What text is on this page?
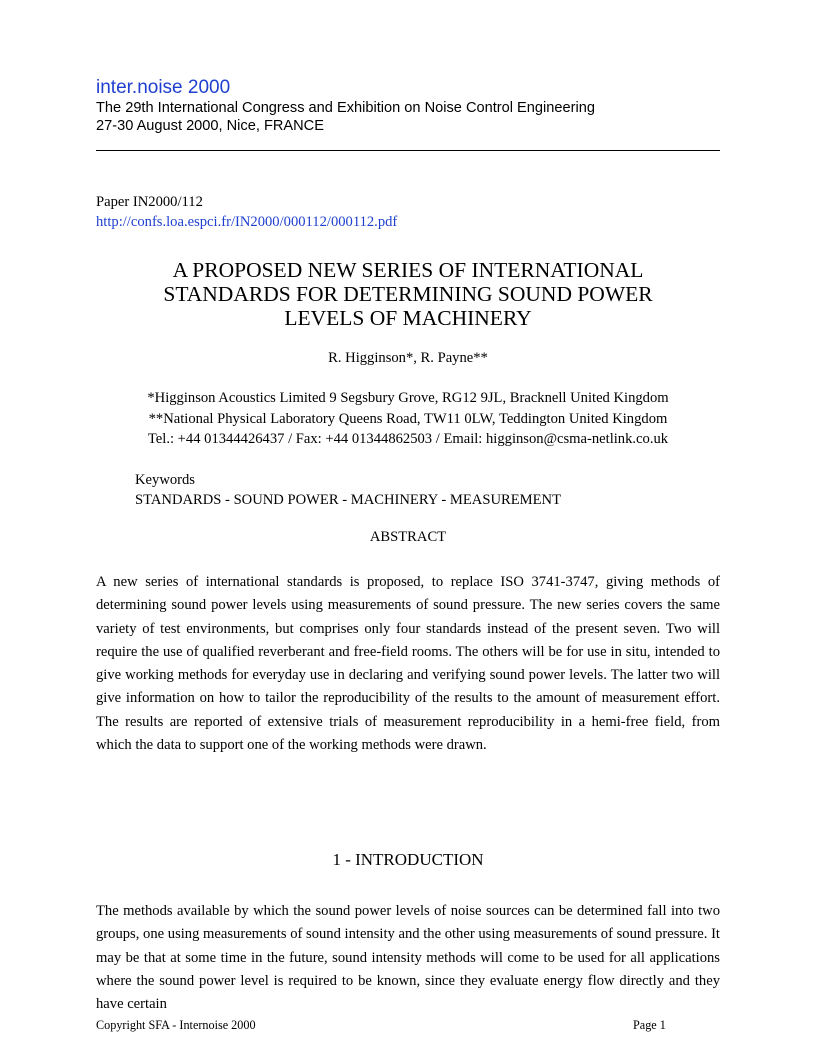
inter.noise 2000

The 29th International Congress and Exhibition on Noise Control Engineering

27-30 August 2000, Nice, FRANCE

Paper IN2000/112
http://confs.loa.espci.fr/IN2000/000112/000112.pdf
A PROPOSED NEW SERIES OF INTERNATIONAL
STANDARDS FOR DETERMINING SOUND POWER
LEVELS OF MACHINERY
R. Higginson*, R. Payne**
*Higginson Acoustics Limited 9 Segsbury Grove, RG12 9JL, Bracknell United Kingdom
**National Physical Laboratory Queens Road, TW11 0LW, Teddington United Kingdom
Tel.: +44 01344426437 / Fax: +44 01344862503 / Email: higginson@csma-netlink.co.uk
Keywords
STANDARDS - SOUND POWER - MACHINERY - MEASUREMENT
ABSTRACT

A new series of international standards is proposed, to replace ISO 3741-3747, giving methods of determining sound power levels using measurements of sound pressure. The new series covers the same variety of test environments, but comprises only four standards instead of the present seven. Two will require the use of qualified reverberant and free-field rooms. The others will be for use in situ, intended to give working methods for everyday use in declaring and verifying sound power levels. The latter two will give information on how to tailor the reproducibility of the results to the amount of measurement effort. The results are reported of extensive trials of measurement reproducibility in a hemi-free field, from which the data to support one of the working methods were drawn.

1 - INTRODUCTION

The methods available by which the sound power levels of noise sources can be determined fall into two groups, one using measurements of sound intensity and the other using measurements of sound pressure. It may be that at some time in the future, sound intensity methods will come to be used for all applications where the sound power level is required to be known, since they evaluate energy flow directly and they have certain

Copyright SFA - Internoise 2000	Page 1
